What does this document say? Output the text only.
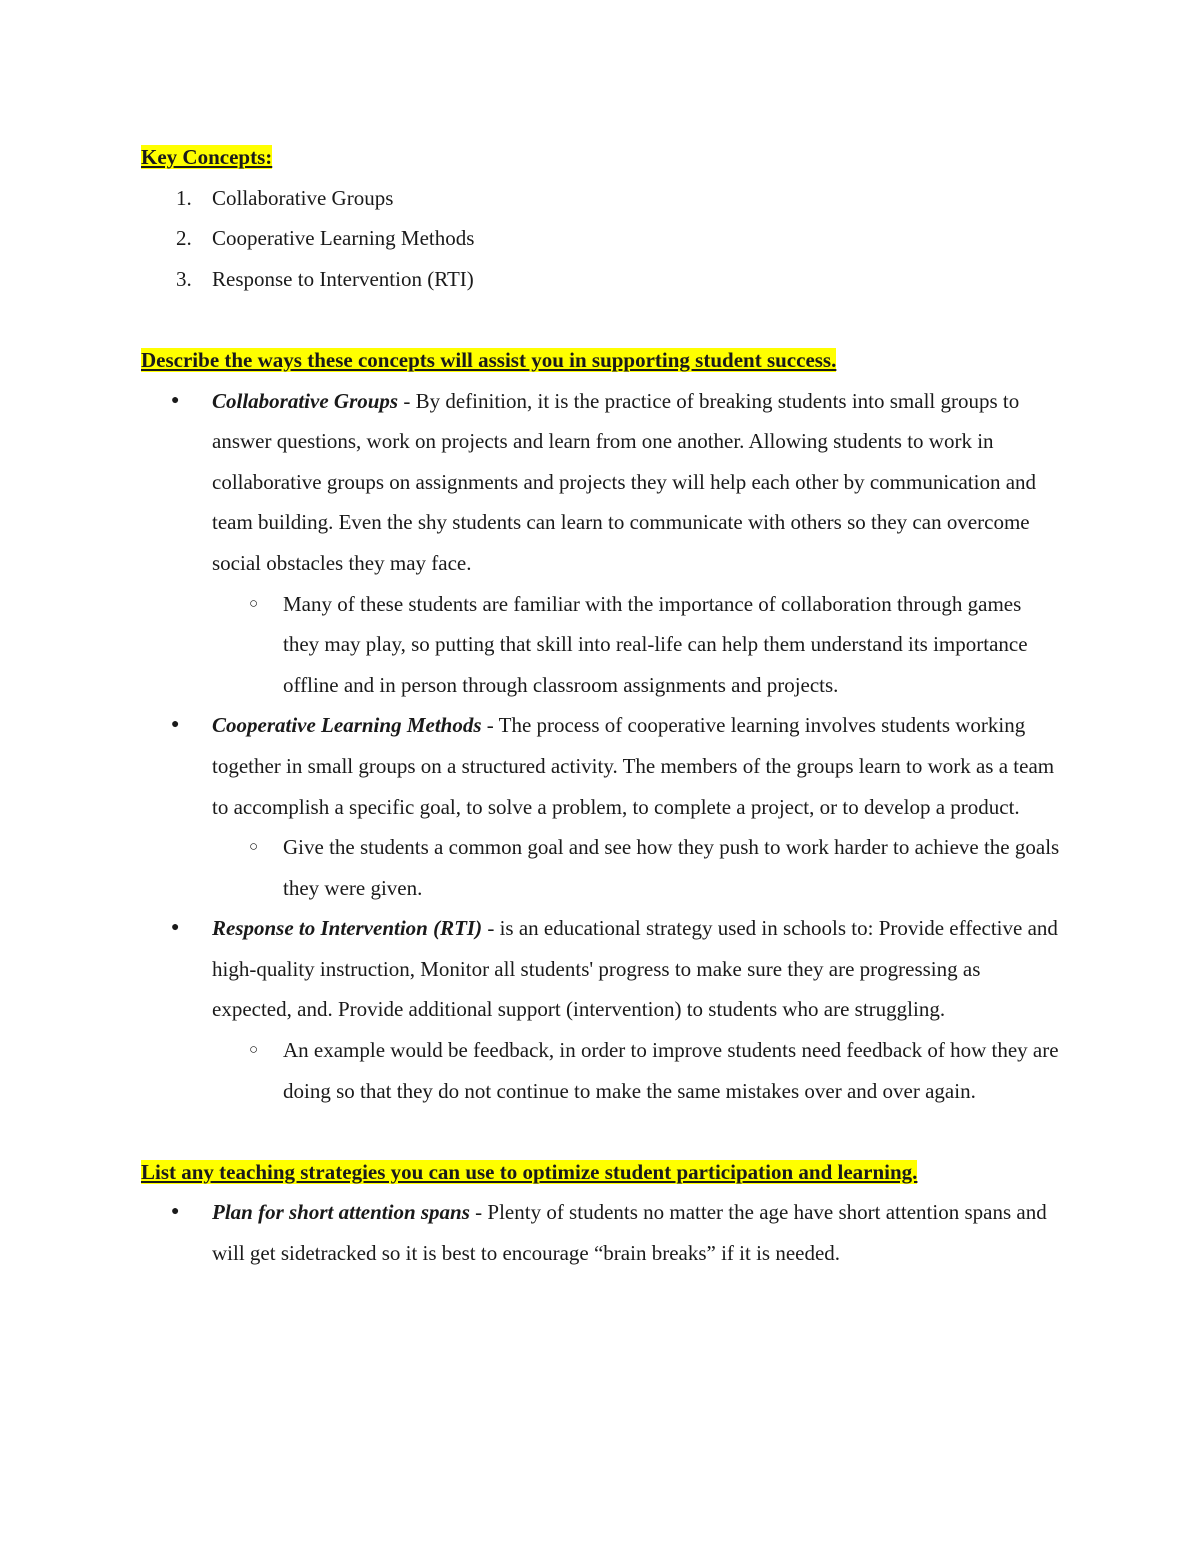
Key Concepts:

1. Collaborative Groups
2. Cooperative Learning Methods
3. Response to Intervention (RTI)

Describe the ways these concepts will assist you in supporting student success.

● Collaborative Groups - By definition, it is the practice of breaking students into small groups to answer questions, work on projects and learn from one another. Allowing students to work in collaborative groups on assignments and projects they will help each other by communication and team building. Even the shy students can learn to communicate with others so they can overcome social obstacles they may face.
○ Many of these students are familiar with the importance of collaboration through games they may play, so putting that skill into real-life can help them understand its importance offline and in person through classroom assignments and projects.
● Cooperative Learning Methods - The process of cooperative learning involves students working together in small groups on a structured activity. The members of the groups learn to work as a team to accomplish a specific goal, to solve a problem, to complete a project, or to develop a product.
○ Give the students a common goal and see how they push to work harder to achieve the goals they were given.
● Response to Intervention (RTI) - is an educational strategy used in schools to: Provide effective and high-quality instruction, Monitor all students' progress to make sure they are progressing as expected, and. Provide additional support (intervention) to students who are struggling.
○ An example would be feedback, in order to improve students need feedback of how they are doing so that they do not continue to make the same mistakes over and over again.

List any teaching strategies you can use to optimize student participation and learning.

● Plan for short attention spans - Plenty of students no matter the age have short attention spans and will get sidetracked so it is best to encourage “brain breaks” if it is needed.
